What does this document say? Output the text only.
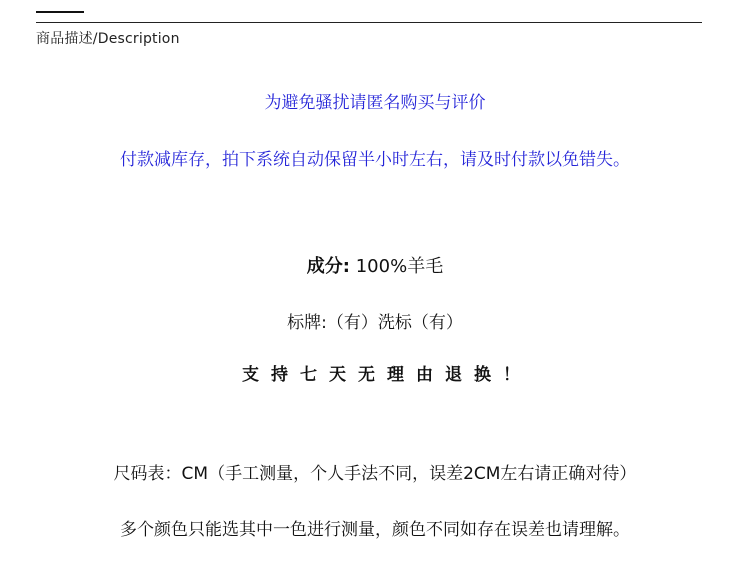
商品描述/Description
为避免骚扰请匿名购买与评价
付款减库存，拍下系统自动保留半小时左右，请及时付款以免错失。
成分: 100%羊毛
标牌:（有）洗标（有）
支持七天无理由退换！
尺码表：CM（手工测量，个人手法不同，误差2CM左右请正确对待）
多个颜色只能选其中一色进行测量，颜色不同如存在误差也请理解。
